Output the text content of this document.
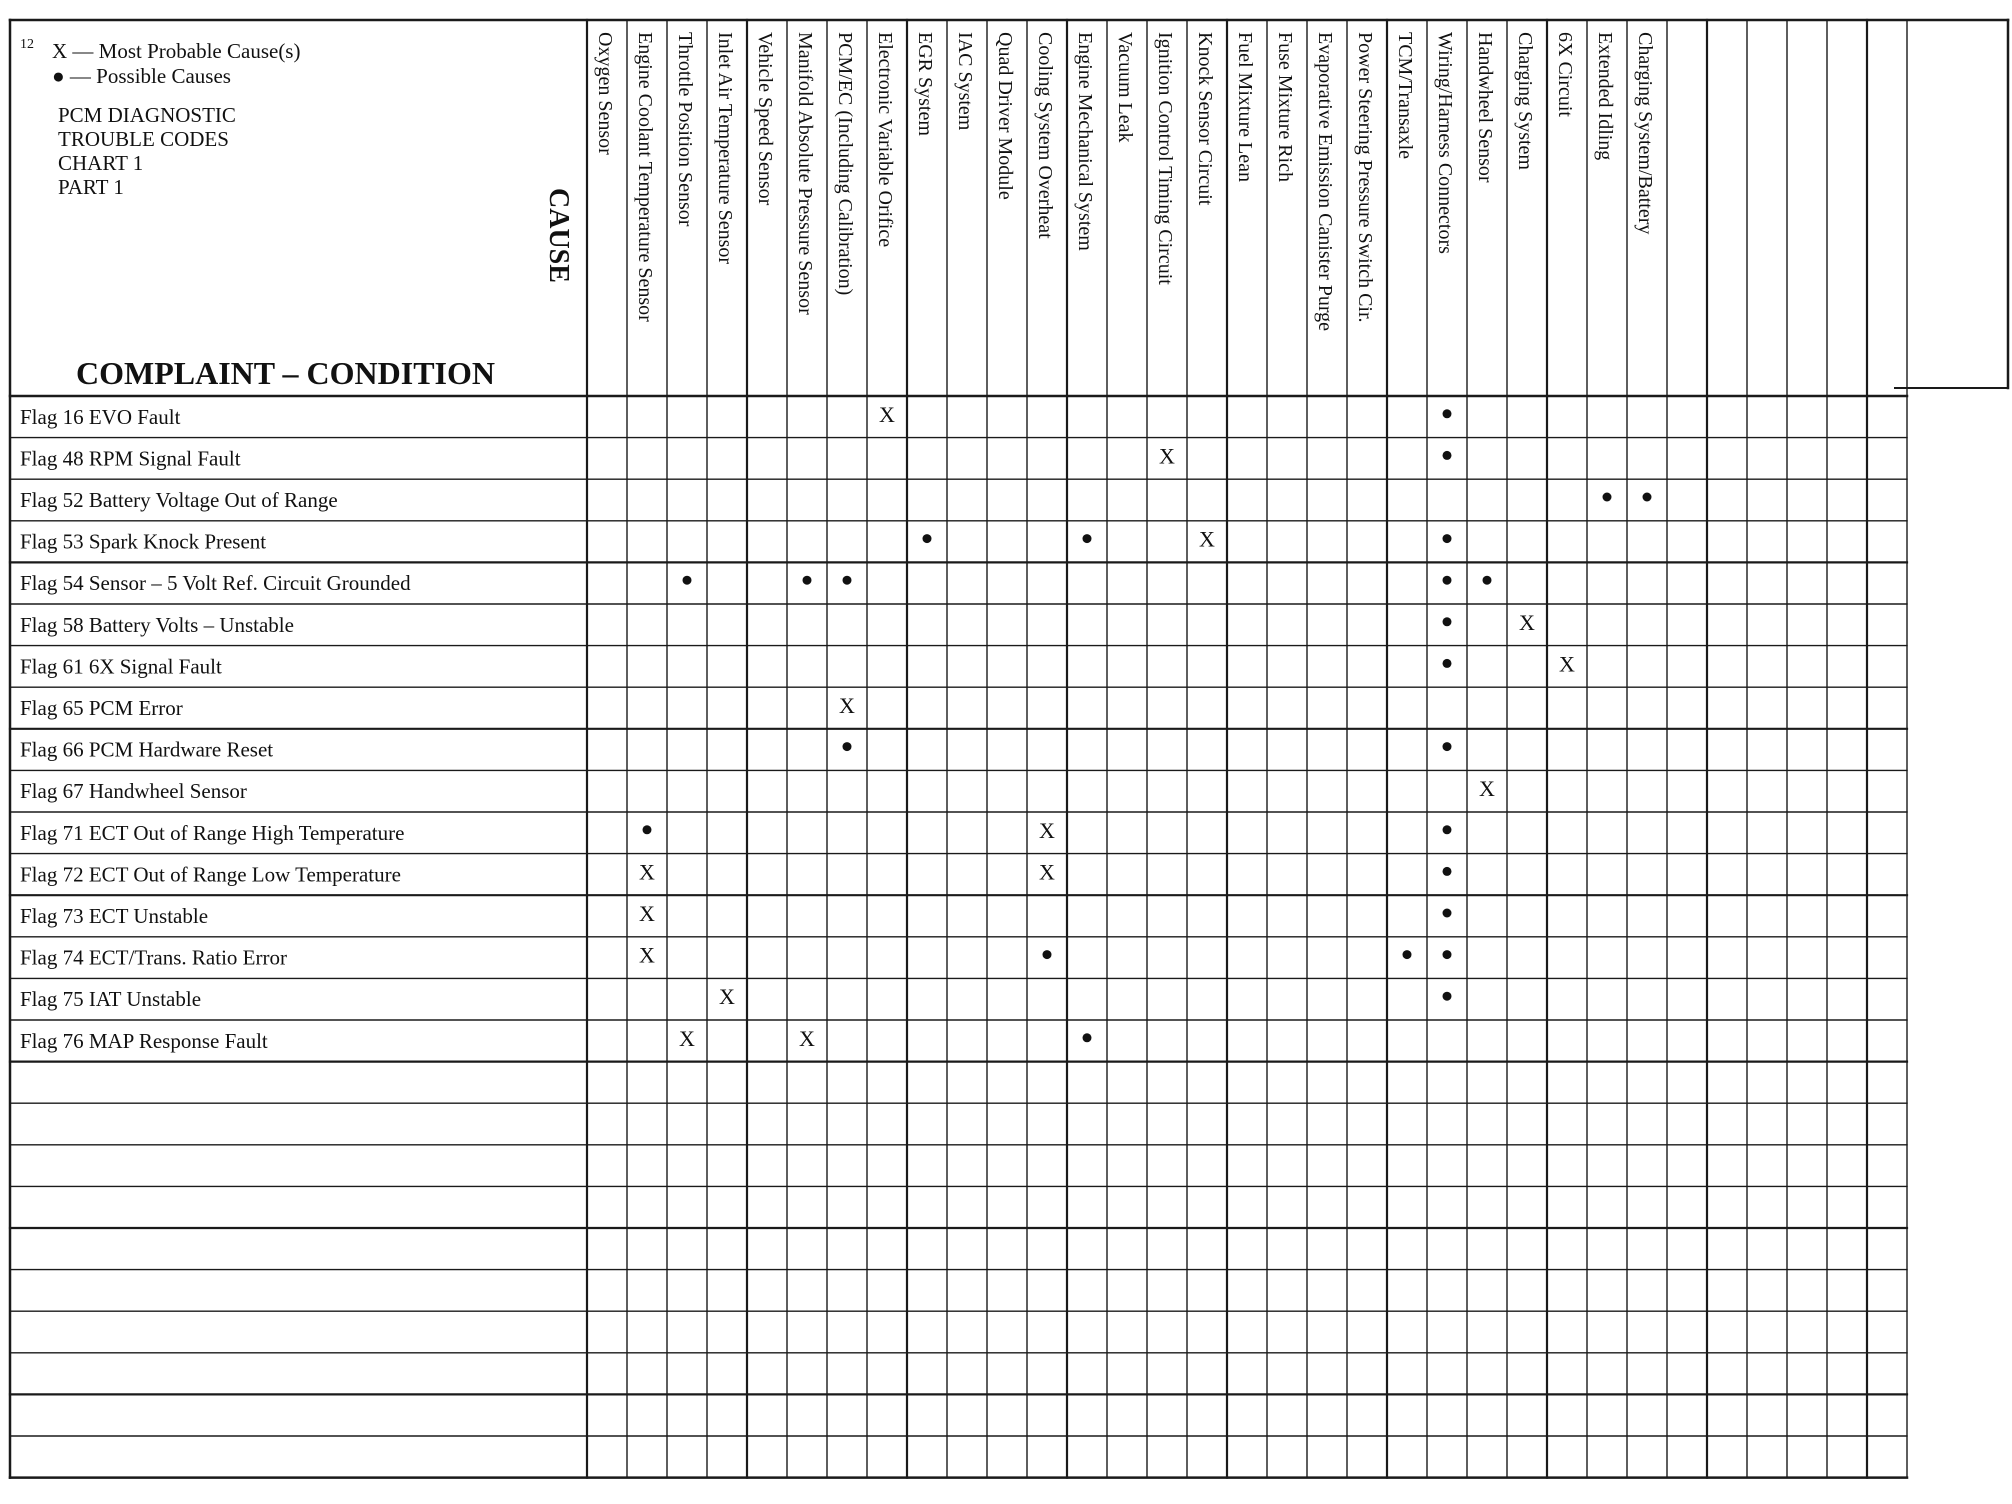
12 X — Most Probable Cause(s)
● — Possible Causes
PCM DIAGNOSTIC
TROUBLE CODES
CHART 1
PART 1
CAUSE
COMPLAINT – CONDITION
Oxygen Sensor Engine Coolant Temperature Sensor Throttle Position Sensor Inlet Air Temperature Sensor Vehicle Speed Sensor Manifold Absolute Pressure Sensor PCM/EC (Including Calibration) Electronic Variable Orifice EGR System IAC System Quad Driver Module Cooling System Overheat Engine Mechanical System Vacuum Leak Ignition Control Timing Circuit Knock Sensor Circuit Fuel Mixture Lean Fuse Mixture Rich Evaporative Emission Canister Purge Power Steering Pressure Switch Cir. TCM/Transaxle Wiring/Harness Connectors Handwheel Sensor Charging System 6X Circuit Extended Idling Charging System/Battery
Flag 16 EVO Fault
Flag 48 RPM Signal Fault
Flag 52 Battery Voltage Out of Range
Flag 53 Spark Knock Present
Flag 54 Sensor – 5 Volt Ref. Circuit Grounded
Flag 58 Battery Volts – Unstable
Flag 61 6X Signal Fault
Flag 65 PCM Error
Flag 66 PCM Hardware Reset
Flag 67 Handwheel Sensor
Flag 71 ECT Out of Range High Temperature
Flag 72 ECT Out of Range Low Temperature
Flag 73 ECT Unstable
Flag 74 ECT/Trans. Ratio Error
Flag 75 IAT Unstable
Flag 76 MAP Response Fault
X
X
X
X
X
X
X
X
X	X
X
X
X
X	X
